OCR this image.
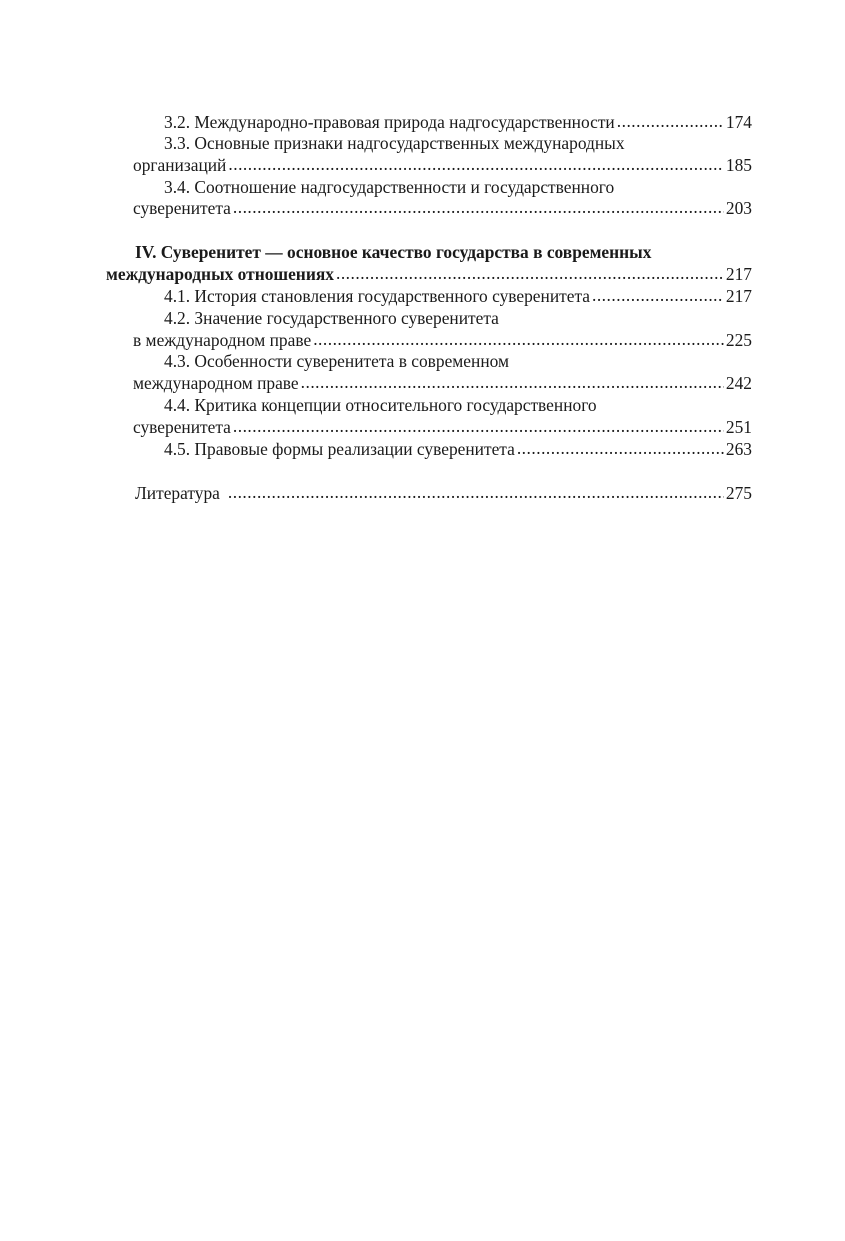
3.2. Международно-правовая природа надгосударственности .....	174
3.3. Основные признаки надгосударственных международных
организаций .....	185
3.4. Соотношение надгосударственности и государственного
суверенитета .....	203
IV. Суверенитет — основное качество государства в современных
международных отношениях .....	217
4.1. История становления государственного суверенитета .....	217
4.2. Значение государственного суверенитета
в международном праве .....	225
4.3. Особенности суверенитета в современном
международном праве .....	242
4.4. Критика концепции относительного государственного
суверенитета .....	251
4.5. Правовые формы реализации суверенитета .....	263
Литература .....	275
